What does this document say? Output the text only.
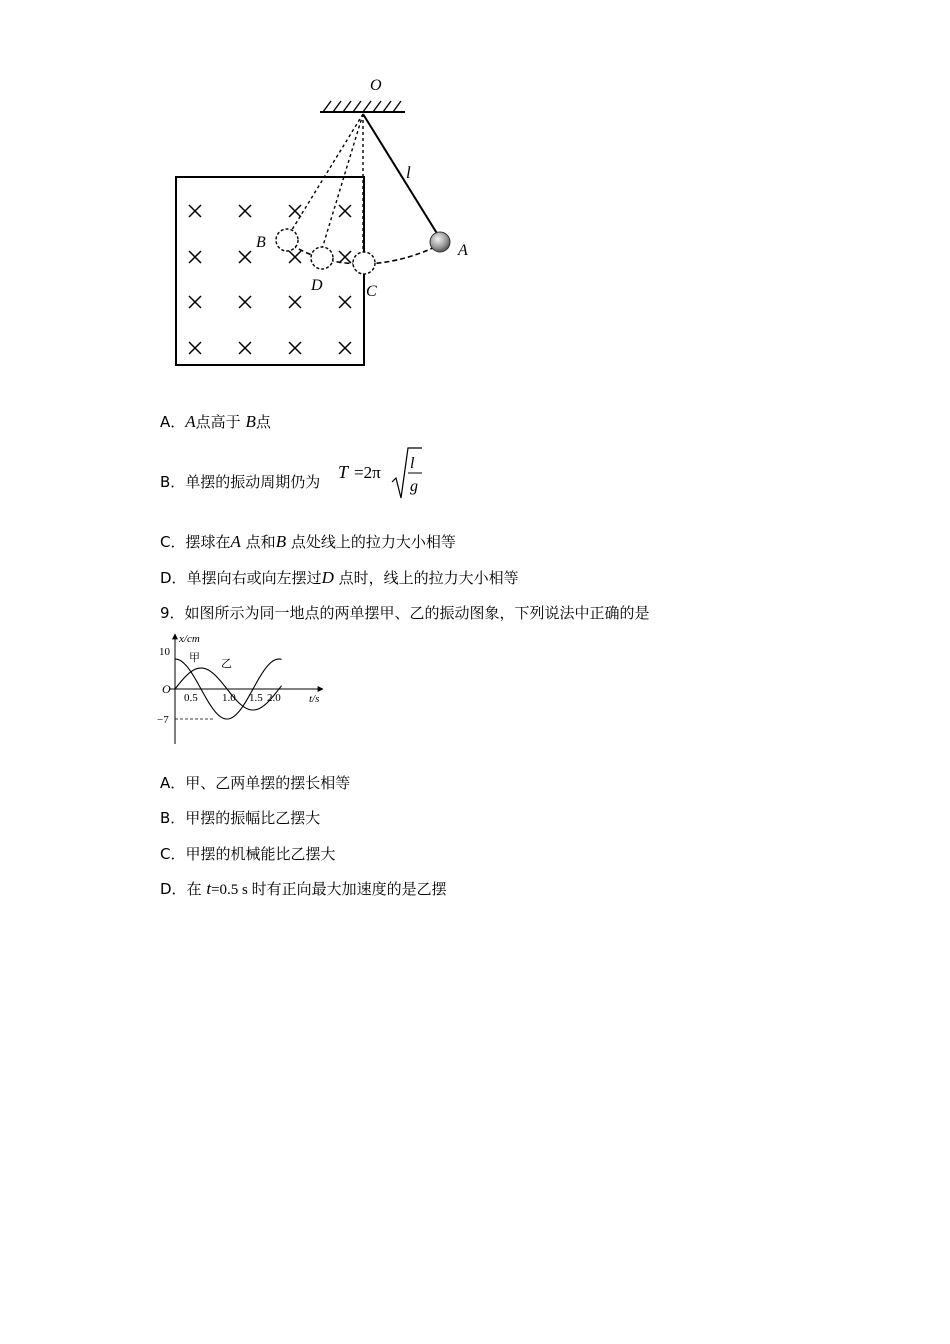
O
l
A
B
D	C
A．A点高于 B点
B．单摆的振动周期仍为 T =2π l
g
C．摆球在A 点和B 点处线上的拉力大小相等
D．单摆向右或向左摆过D 点时，线上的拉力大小相等
9．如图所示为同一地点的两单摆甲、乙的振动图象，下列说法中正确的是
x/cm
t/s
O
10
−7
0.5 1.0 1.5 2.0
甲 乙
A．甲、乙两单摆的摆长相等
B．甲摆的振幅比乙摆大
C．甲摆的机械能比乙摆大
D．在 t=0.5 s 时有正向最大加速度的是乙摆
